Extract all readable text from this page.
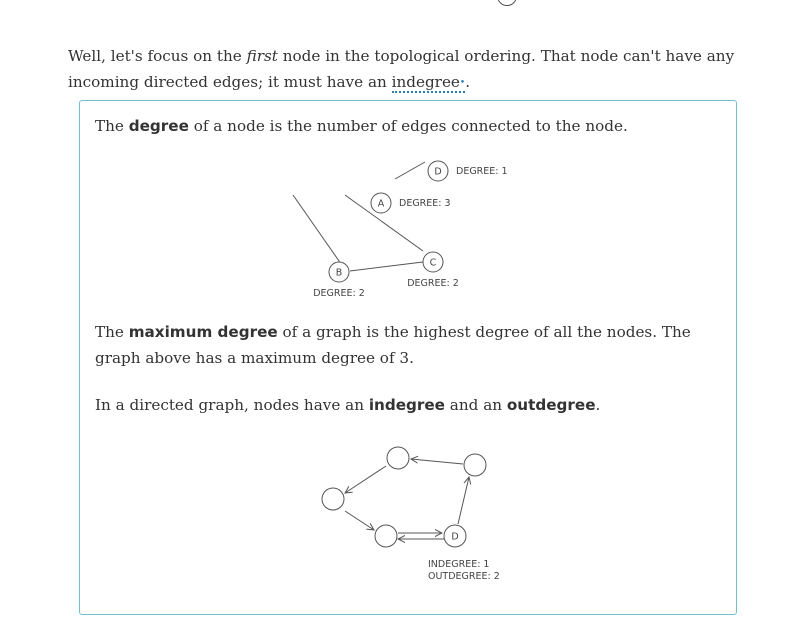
Well, let's focus on the first node in the topological ordering. That node can't have any incoming directed edges; it must have an indegree•.

The degree of a node is the number of edges connected to the node.

D DEGREE: 1
A DEGREE: 3
C
DEGREE: 2
B
DEGREE: 2

The maximum degree of a graph is the highest degree of all the nodes. The graph above has a maximum degree of 3.

In a directed graph, nodes have an indegree and an outdegree.

D
INDEGREE: 1
OUTDEGREE: 2
